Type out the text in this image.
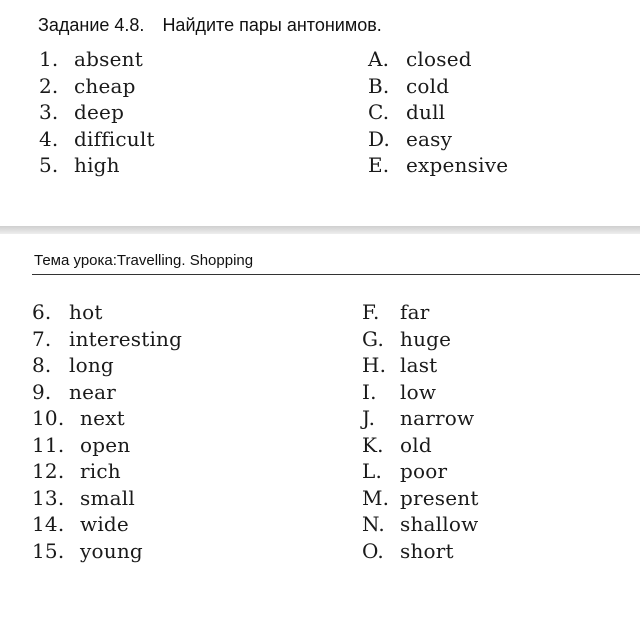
Задание 4.8. Найдите пары антонимов.
1. absent
2. cheap
3. deep
4. difficult
5. high
A. closed
B. cold
C. dull
D. easy
E. expensive
Тема урока:Travelling. Shopping
6. hot
7. interesting
8. long
9. near
10. next
11. open
12. rich
13. small
14. wide
15. young
F. far
G. huge
H. last
I. low
J. narrow
K. old
L. poor
M. present
N. shallow
O. short
